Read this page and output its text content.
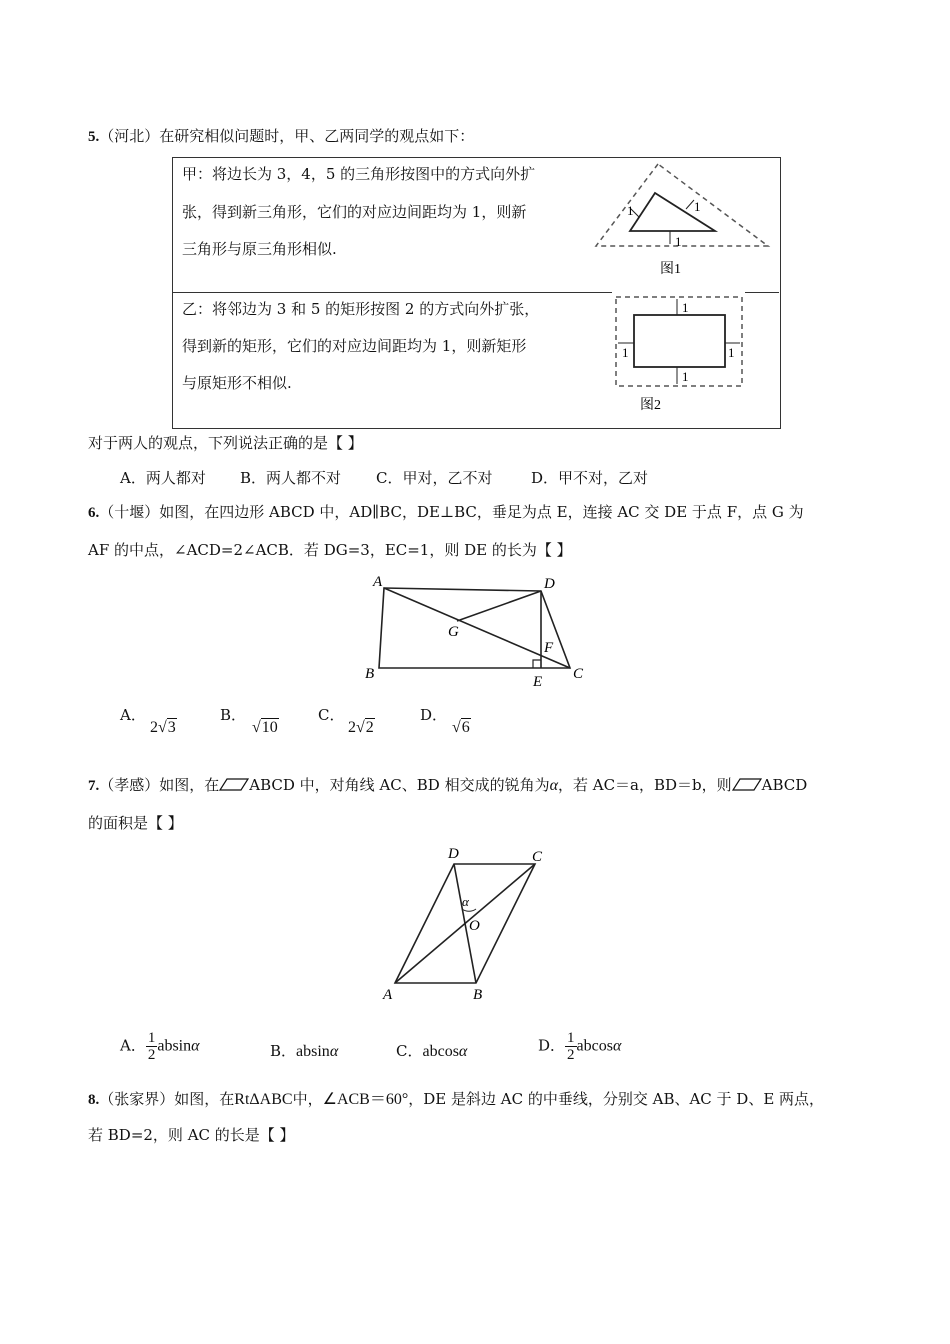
5.（河北）在研究相似问题时，甲、乙两同学的观点如下：
甲：将边长为 3，4，5 的三角形按图中的方式向外扩
张，得到新三角形，它们的对应边间距均为 1，则新
三角形与原三角形相似.
乙：将邻边为 3 和 5 的矩形按图 2 的方式向外扩张，
得到新的矩形，它们的对应边间距均为 1，则新矩形
与原矩形不相似.
1	1
1
图1
1
1
1	1
图2
对于两人的观点，下列说法正确的是【 】
A．两人都对 B．两人都不对 C．甲对，乙不对	D．甲不对，乙对
6.（十堰）如图，在四边形 ABCD 中，AD∥BC，DE⊥BC，垂足为点 E，连接 AC 交 DE 于点 F，点 G 为
AF 的中点，∠ACD=2∠ACB．若 DG=3，EC=1，则 DE 的长为【 】
A	D
B	C
E
F
G
A．
2√3
B．
√10
C．
2√2
D．
√6
7.（孝感）如图，在 ABCD 中，对角线 AC、BD 相交成的锐角为α，若 AC＝a，BD＝b，则 ABCD
的面积是【 】
A	B
C
D
O
α
A． $\frac{1}{2}$ absinα	B．absinα	C．abcosα	D． $\frac{1}{2}$ abcosα
8.（张家界）如图，在RtΔABC中，∠ACB＝60°，DE 是斜边 AC 的中垂线，分别交 AB、AC 于 D、E 两点，
若 BD=2，则 AC 的长是【 】
